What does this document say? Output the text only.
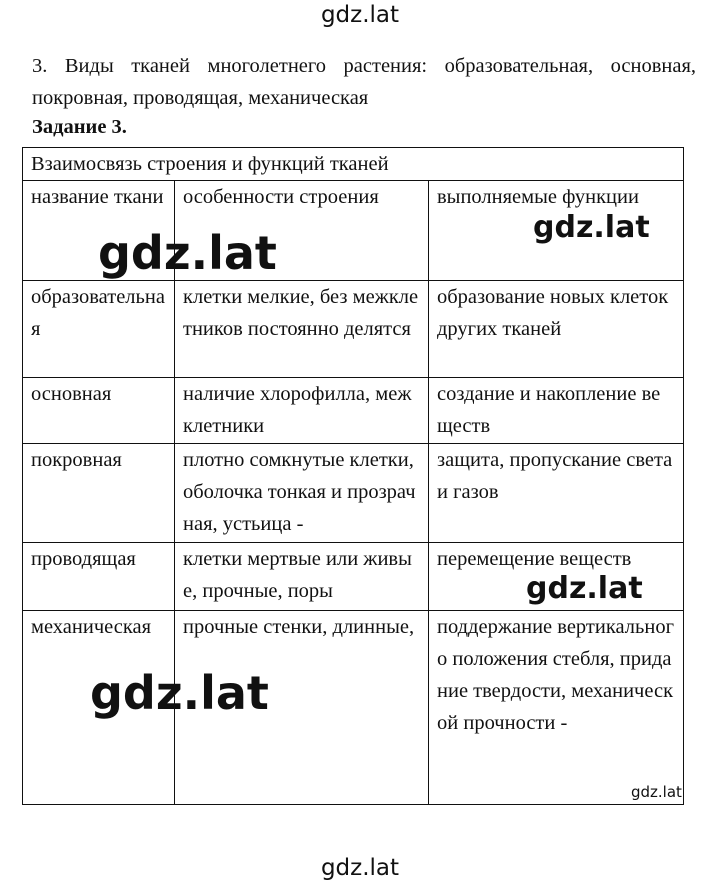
gdz.lat
3. Виды тканей многолетнего растения: образовательная, основная, покровная, проводящая, механическая
Задание 3.
Взаимосвязь строения и функций тканей		
название ткани	особенности строения	выполняемые функции
образовательная	клетки мелкие, без межклетников постоянно делятся	образование новых клеток других тканей
основная	наличие хлорофилла, межклетники	создание и накопление веществ
покровная	плотно сомкнутые клетки, оболочка тонкая и прозрачная, устьица -	защита, пропускание света и газов
проводящая	клетки мертвые или живые, прочные, поры	перемещение веществ
механическая	прочные стенки, длинные,	поддержание вертикального положения стебля, придание твердости, механической прочности -
gdz.lat	gdz.lat
gdz.lat
gdz.lat
gdz.lat
gdz.lat
